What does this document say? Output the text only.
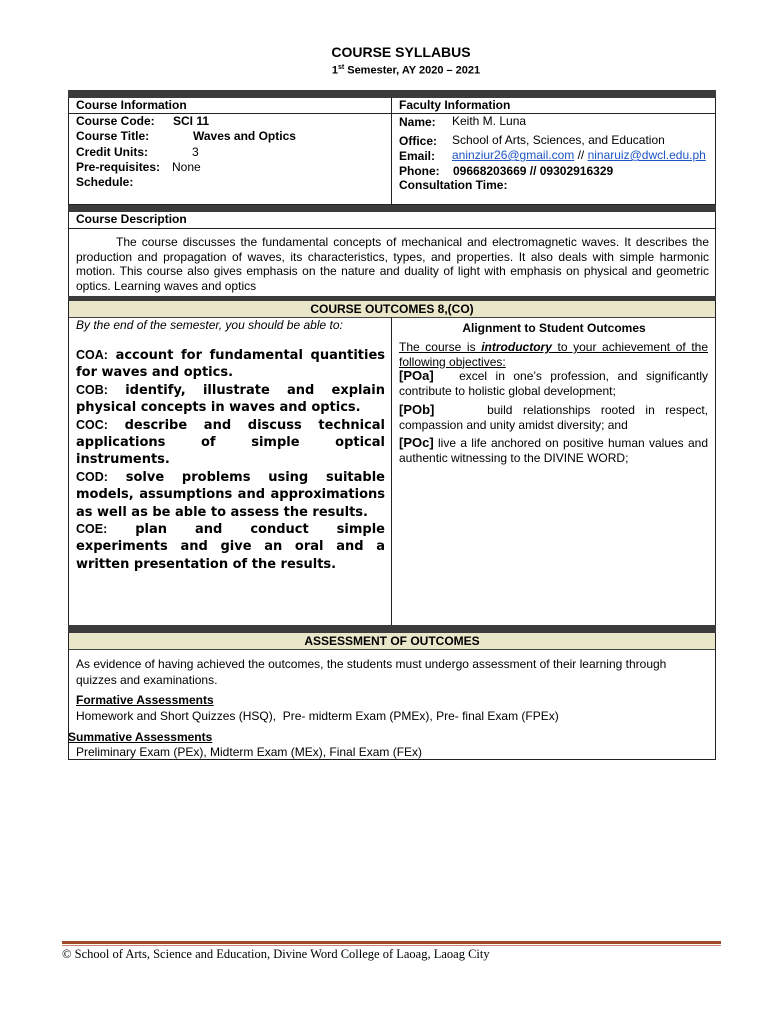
COURSE SYLLABUS
1st Semester, AY 2020 – 2021
Course Information	Faculty Information
Course Code: SCI 11
Course Title:	Waves and Optics
Credit Units:	3
Pre-requisites: None
Schedule:
Name: Keith M. Luna
Office: School of Arts, Sciences, and Education
Email: aninziur26@gmail.com // ninaruiz@dwcl.edu.ph
Phone: 09668203669 // 09302916329
Consultation Time:
Course Description
The course discusses the fundamental concepts of mechanical and electromagnetic waves. It describes the production and propagation of waves, its characteristics, types, and properties. It also deals with simple harmonic motion. This course also gives emphasis on the nature and duality of light with emphasis on physical and geometric optics. Learning waves and optics
COURSE OUTCOMES 8,(CO)
By the end of the semester, you should be able to:
COA: account for fundamental quantities for waves and optics.
COB: identify, illustrate and explain physical concepts in waves and optics.
COC: describe and discuss technical applications of simple optical instruments.
COD: solve problems using suitable models, assumptions and approximations as well as be able to assess the results.
COE: plan and conduct simple experiments and give an oral and a written presentation of the results.
Alignment to Student Outcomes
The course is introductory to your achievement of the following objectives:
[POa] excel in one’s profession, and significantly contribute to holistic global development;
[POb]	build relationships rooted in respect, compassion and unity amidst diversity; and
[POc] live a life anchored on positive human values and authentic witnessing to the DIVINE WORD;
ASSESSMENT OF OUTCOMES
As evidence of having achieved the outcomes, the students must undergo assessment of their learning through quizzes and examinations.
Formative Assessments
Homework and Short Quizzes (HSQ),  Pre- midterm Exam (PMEx), Pre- final Exam (FPEx)
Summative Assessments
Preliminary Exam (PEx), Midterm Exam (MEx), Final Exam (FEx)
© School of Arts, Science and Education, Divine Word College of Laoag, Laoag City
